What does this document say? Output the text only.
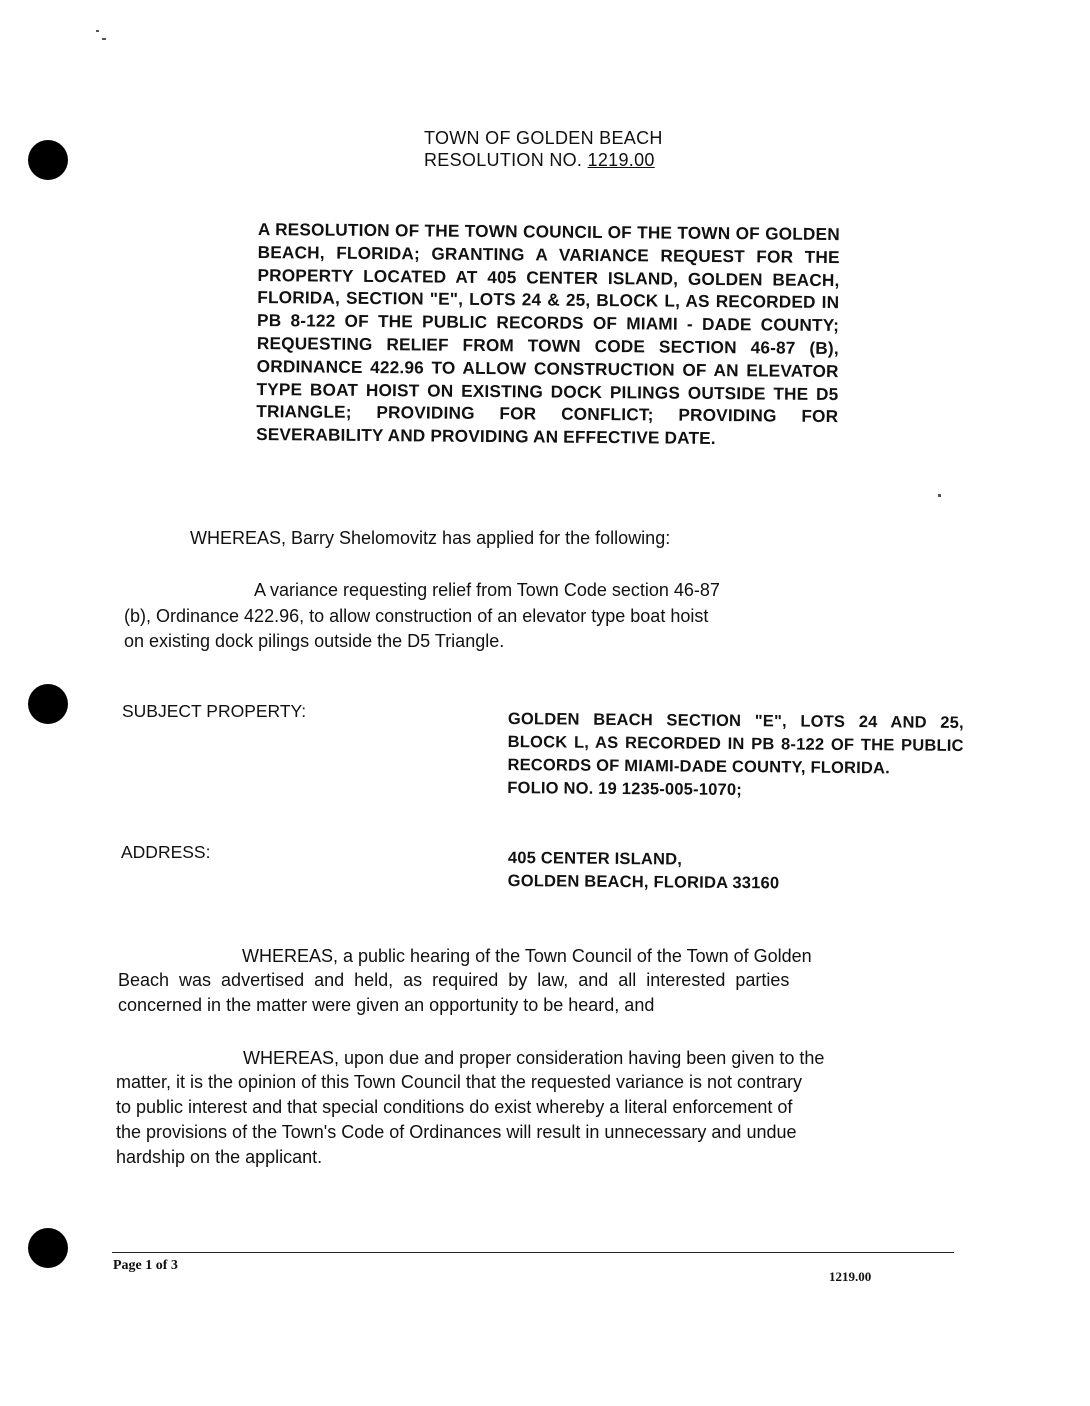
TOWN OF GOLDEN BEACH
RESOLUTION NO. 1219.00
A RESOLUTION OF THE TOWN COUNCIL OF THE TOWN OF GOLDEN BEACH, FLORIDA; GRANTING A VARIANCE REQUEST FOR THE PROPERTY LOCATED AT 405 CENTER ISLAND, GOLDEN BEACH, FLORIDA, SECTION "E", LOTS 24 & 25, BLOCK L, AS RECORDED IN PB 8-122 OF THE PUBLIC RECORDS OF MIAMI - DADE COUNTY; REQUESTING RELIEF FROM TOWN CODE SECTION 46-87 (B), ORDINANCE 422.96 TO ALLOW CONSTRUCTION OF AN ELEVATOR TYPE BOAT HOIST ON EXISTING DOCK PILINGS OUTSIDE THE D5 TRIANGLE; PROVIDING FOR CONFLICT; PROVIDING FOR SEVERABILITY AND PROVIDING AN EFFECTIVE DATE.
WHEREAS, Barry Shelomovitz has applied for the following:
A variance requesting relief from Town Code section 46-87
(b), Ordinance 422.96, to allow construction of an elevator type boat hoist
on existing dock pilings outside the D5 Triangle.
SUBJECT PROPERTY:	GOLDEN BEACH SECTION "E", LOTS 24 AND 25, BLOCK L, AS RECORDED IN PB 8-122 OF THE PUBLIC RECORDS OF MIAMI-DADE COUNTY, FLORIDA.
FOLIO NO. 19 1235-005-1070;
ADDRESS:	405 CENTER ISLAND,
GOLDEN BEACH, FLORIDA 33160
WHEREAS, a public hearing of the Town Council of the Town of Golden
Beach was advertised and held, as required by law, and all interested parties
concerned in the matter were given an opportunity to be heard, and
WHEREAS, upon due and proper consideration having been given to the
matter, it is the opinion of this Town Council that the requested variance is not contrary
to public interest and that special conditions do exist whereby a literal enforcement of
the provisions of the Town's Code of Ordinances will result in unnecessary and undue
hardship on the applicant.
Page 1 of 3
1219.00
